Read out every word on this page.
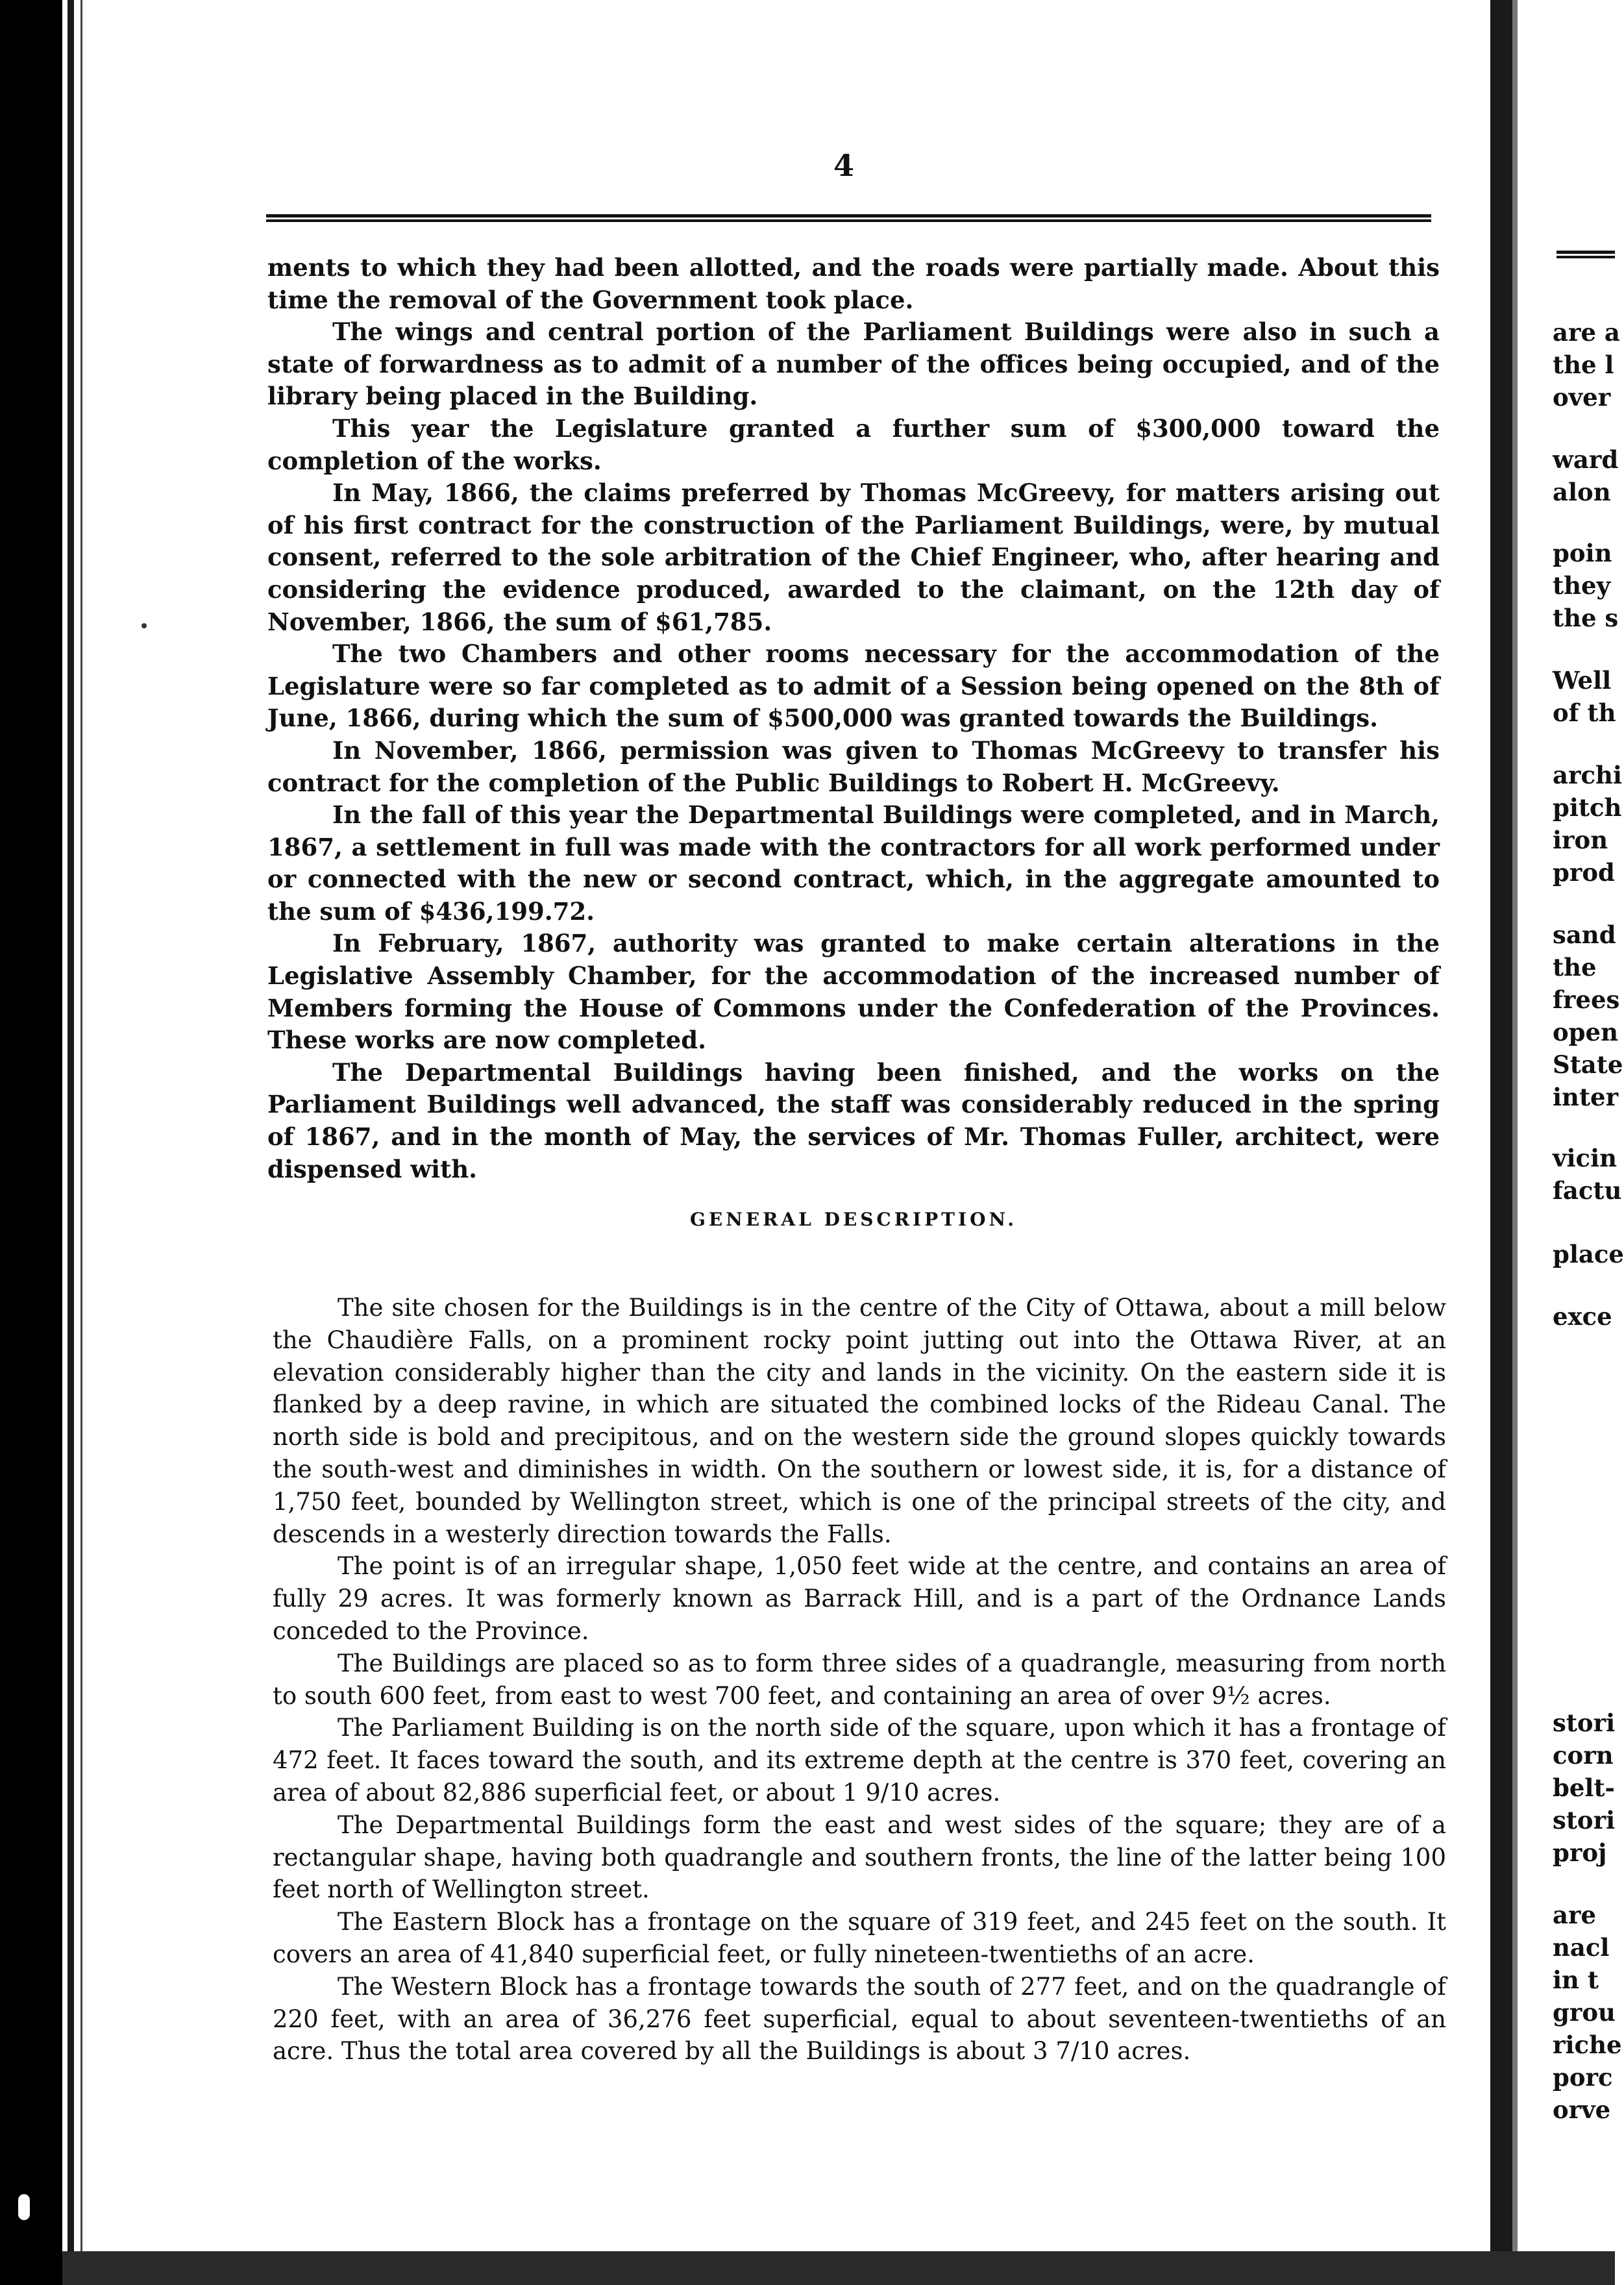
4

ments to which they had been allotted, and the roads were partially made. About this time the removal of the Government took place.

The wings and central portion of the Parliament Buildings were also in such a state of forwardness as to admit of a number of the offices being occupied, and of the library being placed in the Building.

This year the Legislature granted a further sum of $300,000 toward the completion of the works.

In May, 1866, the claims preferred by Thomas McGreevy, for matters arising out of his first contract for the construction of the Parliament Buildings, were, by mutual consent, referred to the sole arbitration of the Chief Engineer, who, after hearing and considering the evidence produced, awarded to the claimant, on the 12th day of November, 1866, the sum of $61,785.

The two Chambers and other rooms necessary for the accommodation of the Legislature were so far completed as to admit of a Session being opened on the 8th of June, 1866, during which the sum of $500,000 was granted towards the Buildings.

In November, 1866, permission was given to Thomas McGreevy to transfer his contract for the completion of the Public Buildings to Robert H. McGreevy.

In the fall of this year the Departmental Buildings were completed, and in March, 1867, a settlement in full was made with the contractors for all work performed under or connected with the new or second contract, which, in the aggregate amounted to the sum of $436,199.72.

In February, 1867, authority was granted to make certain alterations in the Legislative Assembly Chamber, for the accommodation of the increased number of Members forming the House of Commons under the Confederation of the Provinces. These works are now completed.

The Departmental Buildings having been finished, and the works on the Parliament Buildings well advanced, the staff was considerably reduced in the spring of 1867, and in the month of May, the services of Mr. Thomas Fuller, architect, were dispensed with.

GENERAL DESCRIPTION.

The site chosen for the Buildings is in the centre of the City of Ottawa, about a mill below the Chaudière Falls, on a prominent rocky point jutting out into the Ottawa River, at an elevation considerably higher than the city and lands in the vicinity. On the eastern side it is flanked by a deep ravine, in which are situated the combined locks of the Rideau Canal. The north side is bold and precipitous, and on the western side the ground slopes quickly towards the south-west and diminishes in width. On the southern or lowest side, it is, for a distance of 1,750 feet, bounded by Wellington street, which is one of the principal streets of the city, and descends in a westerly direction towards the Falls.

The point is of an irregular shape, 1,050 feet wide at the centre, and contains an area of fully 29 acres. It was formerly known as Barrack Hill, and is a part of the Ordnance Lands conceded to the Province.

The Buildings are placed so as to form three sides of a quadrangle, measuring from north to south 600 feet, from east to west 700 feet, and containing an area of over 9½ acres.

The Parliament Building is on the north side of the square, upon which it has a frontage of 472 feet. It faces toward the south, and its extreme depth at the centre is 370 feet, covering an area of about 82,886 superficial feet, or about 1 9/10 acres.

The Departmental Buildings form the east and west sides of the square; they are of a rectangular shape, having both quadrangle and southern fronts, the line of the latter being 100 feet north of Wellington street.

The Eastern Block has a frontage on the square of 319 feet, and 245 feet on the south. It covers an area of 41,840 superficial feet, or fully nineteen-twentieths of an acre.

The Western Block has a frontage towards the south of 277 feet, and on the quadrangle of 220 feet, with an area of 36,276 feet superficial, equal to about seventeen-twentieths of an acre. Thus the total area covered by all the Buildings is about 3 7/10 acres.

are a
the l
over
ward
alon
poin
they
the s
Well
of th
archi
pitch
iron
prod
sand
the
frees
open
State
inter
vicin
factu
place
exce
stori
corn
belt-
stori
proj
are
nacl
in t
grou
riche
porc
orve
